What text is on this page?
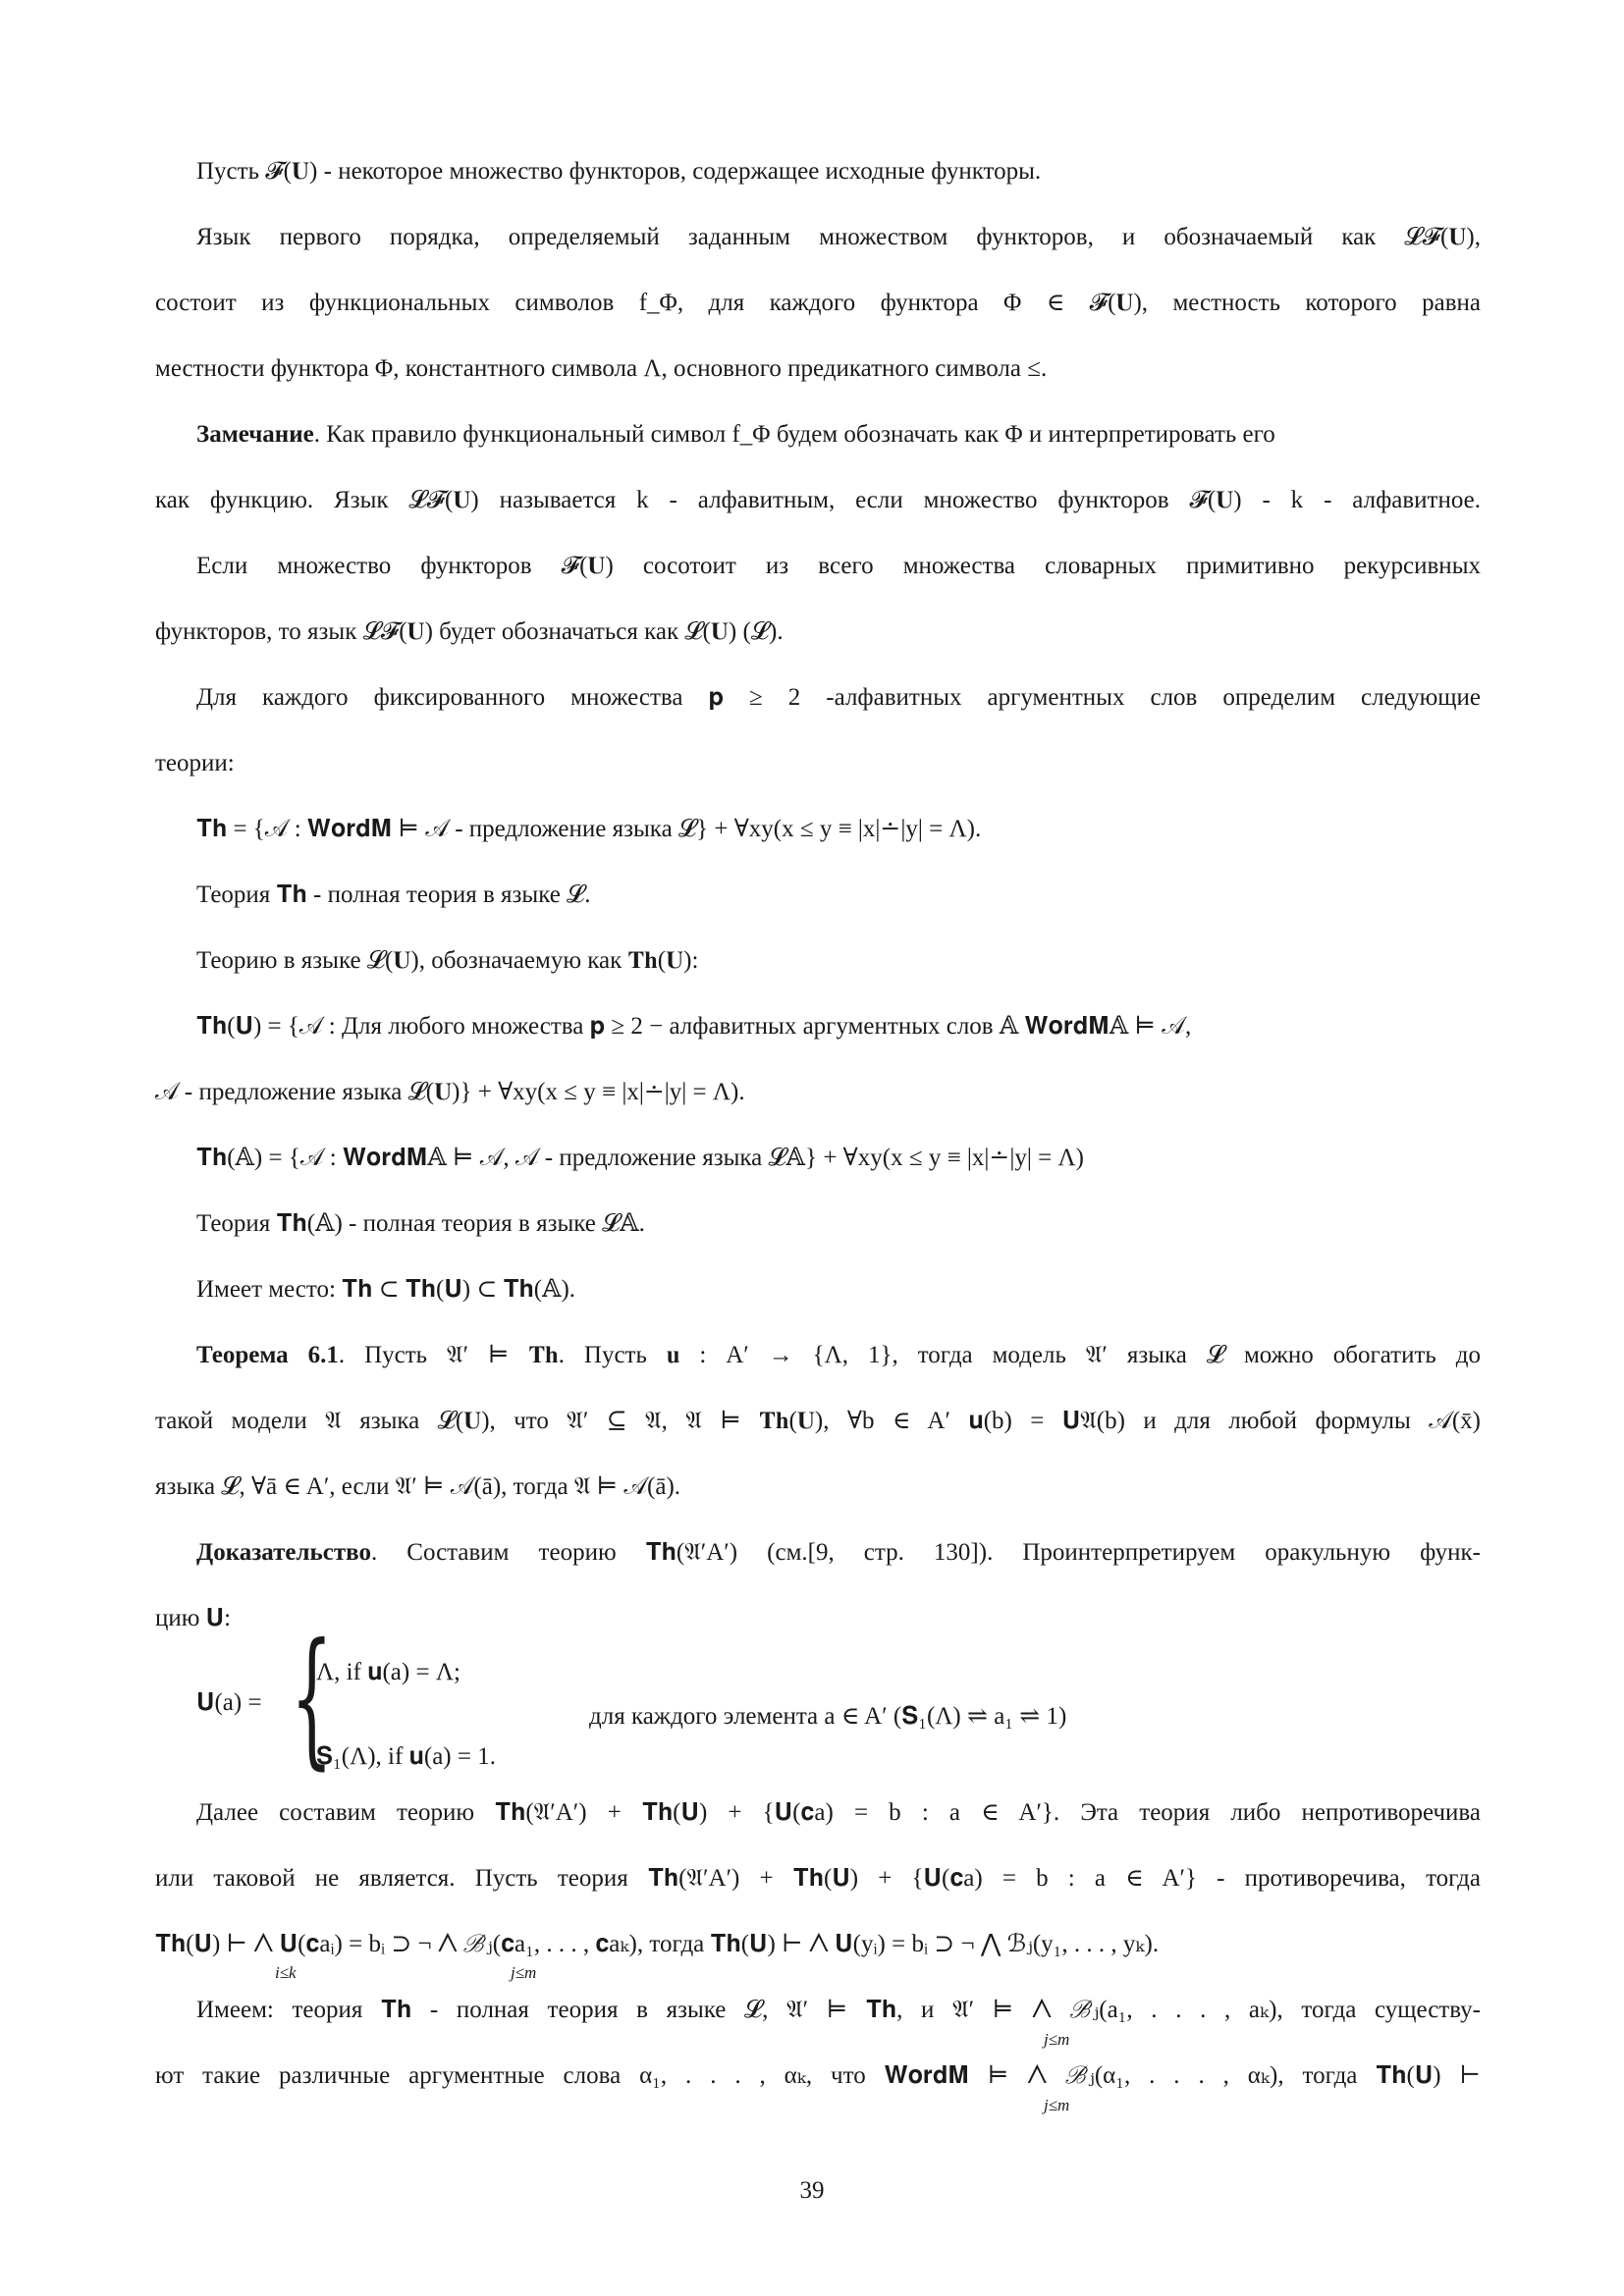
Пусть 𝓕(𝐔) - некоторое множество функторов, содержащее исходные функторы.
Язык первого порядка, определяемый заданным множеством функторов, и обозначаемый как 𝓛𝓕(𝐔),
состоит из функциональных символов f_Φ, для каждого функтора Φ ∈ 𝓕(𝐔), местность которого равна
местности функтора Φ, константного символа Λ, основного предикатного символа ≤.
Замечание. Как правило функциональный символ f_Φ будем обозначать как Φ и интерпретировать его
как функцию. Язык 𝓛𝓕(𝐔) называется k - алфавитным, если множество функторов 𝓕(𝐔) - k - алфавитное.
Если множество функторов 𝓕(𝐔) сосотоит из всего множества словарных примитивно рекурсивных
функторов, то язык 𝓛𝓕(𝐔) будет обозначаться как 𝓛(𝐔) (𝓛).
Для каждого фиксированного множества 𝐩 ≥ 2 -алфавитных аргументных слов определим следующие
теории:
𝐓𝐡 = {𝒜 : 𝐖𝐨𝐫𝐝𝐌 ⊨ 𝒜 - предложение языка 𝓛} + ∀xy(x ≤ y ≡ |x|∸|y| = Λ).
Теория 𝐓𝐡 - полная теория в языке 𝓛.
Теорию в языке 𝓛(𝐔), обозначаемую как 𝐓𝐡(𝐔):
𝐓𝐡(𝐔) = {𝒜 : Для любого множества 𝐩 ≥ 2 − алфавитных аргументных слов 𝔸 𝐖𝐨𝐫𝐝𝐌𝔸 ⊨ 𝒜,
𝒜 - предложение языка 𝓛(𝐔)} + ∀xy(x ≤ y ≡ |x|∸|y| = Λ).
𝐓𝐡(𝔸) = {𝒜 : 𝐖𝐨𝐫𝐝𝐌𝔸 ⊨ 𝒜, 𝒜 - предложение языка 𝓛𝔸} + ∀xy(x ≤ y ≡ |x|∸|y| = Λ)
Теория 𝐓𝐡(𝔸) - полная теория в языке 𝓛𝔸.
Имеет место: 𝐓𝐡 ⊂ 𝐓𝐡(𝐔) ⊂ 𝐓𝐡(𝔸).
Теорема 6.1. Пусть 𝔄′ ⊨ 𝐓𝐡. Пусть 𝐮 : A′ → {Λ, 1}, тогда модель 𝔄′ языка 𝓛 можно обогатить до
такой модели 𝔄 языка 𝓛(𝐔), что 𝔄′ ⊆ 𝔄, 𝔄 ⊨ 𝐓𝐡(𝐔), ∀b ∈ A′ 𝐮(b) = 𝐔𝔄(b) и для любой формулы 𝒜(x̄)
языка 𝓛, ∀ā ∈ A′, если 𝔄′ ⊨ 𝒜(ā), тогда 𝔄 ⊨ 𝒜(ā).
Доказательство. Составим теорию 𝐓𝐡(𝔄′A′) (см.[9, стр. 130]). Проинтерпретируем оракульную функ-
цию 𝐔:
𝐔(a) = {
Λ, if 𝐮(a) = Λ;
𝐒₁(Λ), if 𝐮(a) = 1.
для каждого элемента a ∈ A′ (𝐒₁(Λ) ⇌ a₁ ⇌ 1)
Далее составим теорию 𝐓𝐡(𝔄′A′) + 𝐓𝐡(𝐔) + {𝐔(𝐜a) = b : a ∈ A′}. Эта теория либо непротиворечива
или таковой не является. Пусть теория 𝐓𝐡(𝔄′A′) + 𝐓𝐡(𝐔) + {𝐔(𝐜a) = b : a ∈ A′} - противоречива, тогда
𝐓𝐡(𝐔) ⊢ ⋀ 𝐔(𝐜aᵢ) = bᵢ ⊃ ¬ ⋀ ℬⱼ(𝐜a₁, . . . , 𝐜aₖ), тогда 𝐓𝐡(𝐔) ⊢ ⋀ 𝐔(yᵢ) = bᵢ ⊃ ¬ ⋀ ℬⱼ(y₁, . . . , yₖ).
i≤k	j≤m
Имеем: теория 𝐓𝐡 - полная теория в языке 𝓛, 𝔄′ ⊨ 𝐓𝐡, и 𝔄′ ⊨ ⋀ ℬⱼ(a₁, . . . , aₖ), тогда существу-
j≤m
ют такие различные аргументные слова α₁, . . . , αₖ, что 𝐖𝐨𝐫𝐝𝐌 ⊨ ⋀ ℬⱼ(α₁, . . . , αₖ), тогда 𝐓𝐡(𝐔) ⊢
j≤m
39
